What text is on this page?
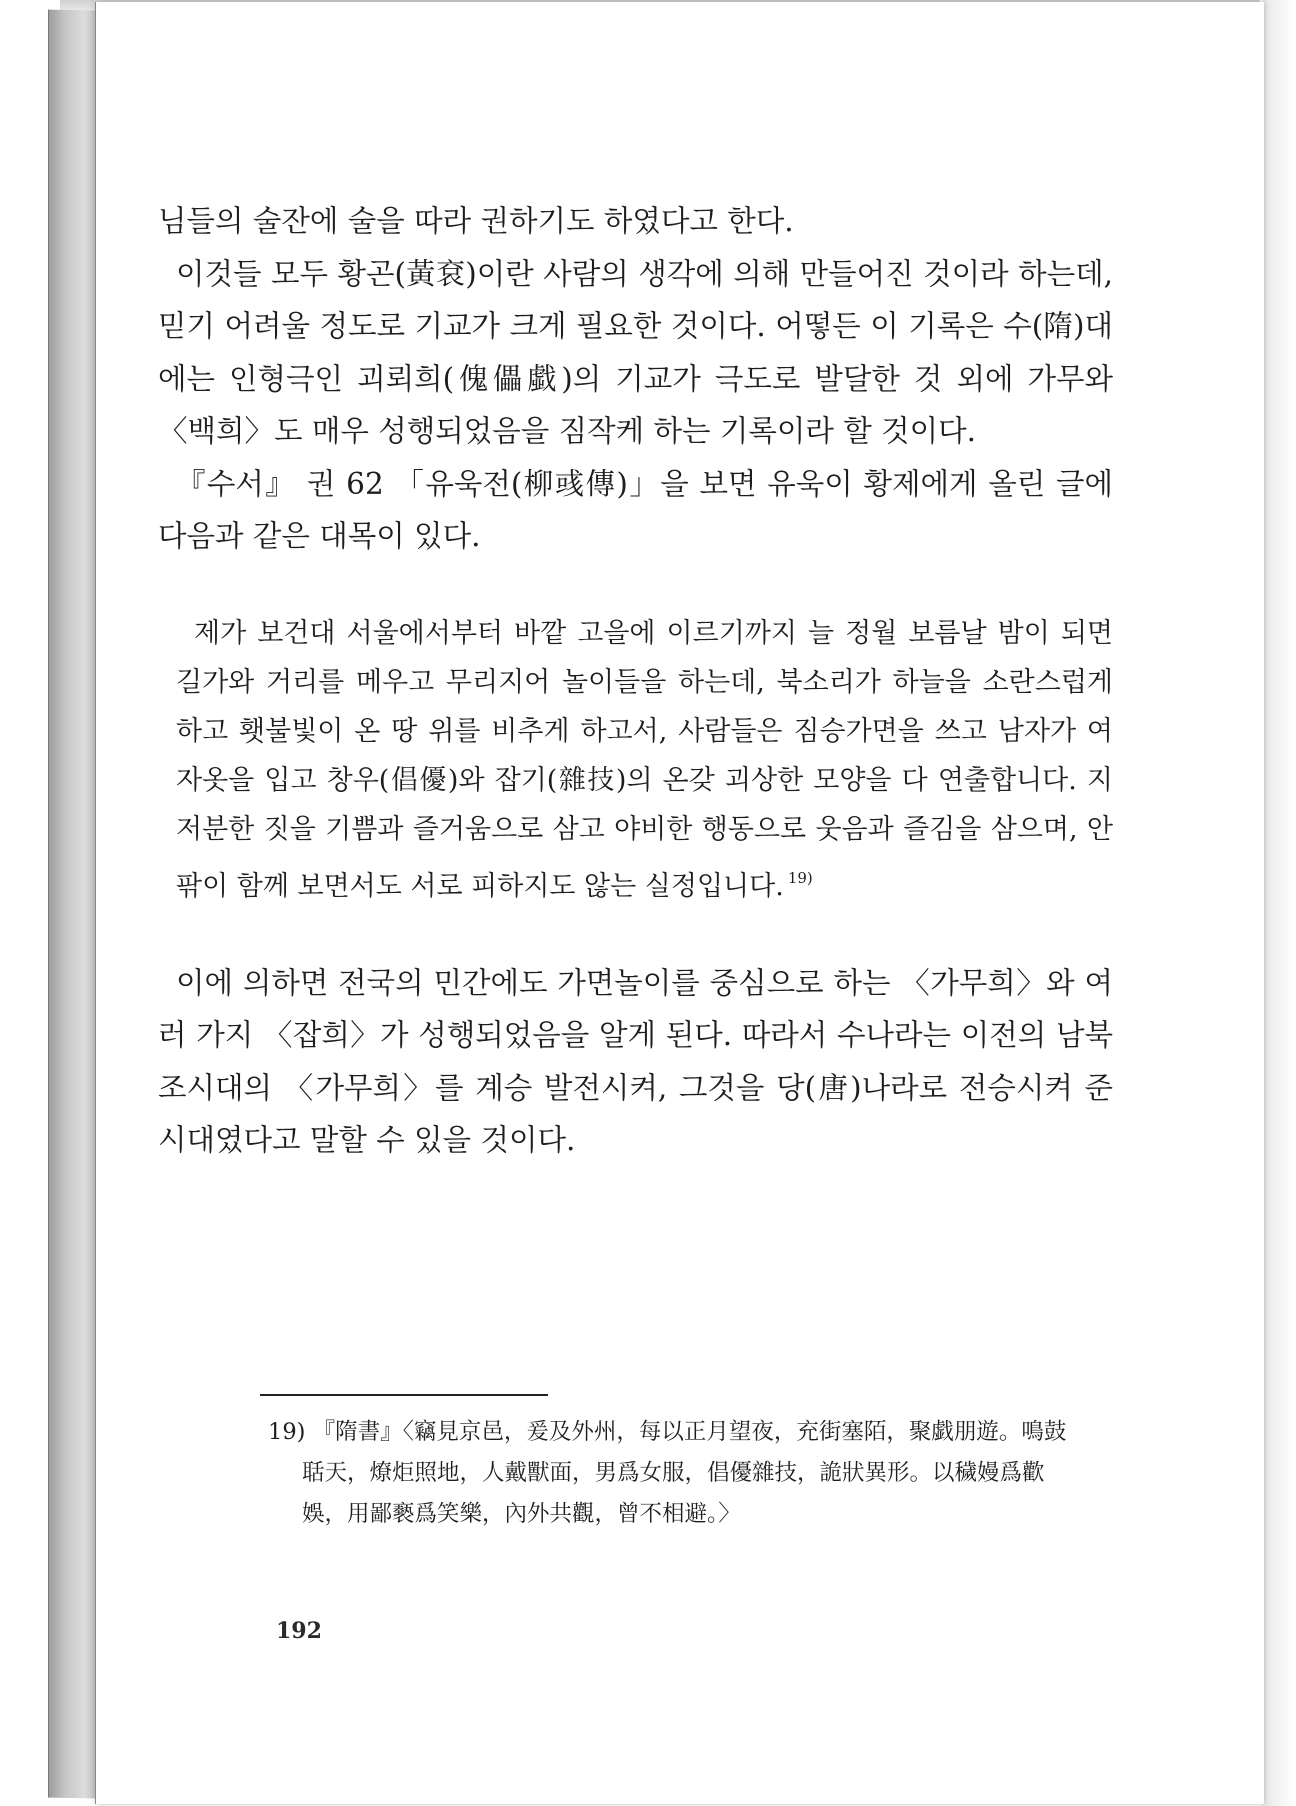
님들의 술잔에 술을 따라 권하기도 하였다고 한다.

이것들 모두 황곤(黃袞)이란 사람의 생각에 의해 만들어진 것이라 하는데, 믿기 어려울 정도로 기교가 크게 필요한 것이다. 어떻든 이 기록은 수(隋)대에는 인형극인 괴뢰희(傀儡戱)의 기교가 극도로 발달한 것 외에 가무와 〈백희〉도 매우 성행되었음을 짐작케 하는 기록이라 할 것이다.

『수서』 권 62 「유욱전(柳彧傳)」을 보면 유욱이 황제에게 올린 글에 다음과 같은 대목이 있다.

제가 보건대 서울에서부터 바깥 고을에 이르기까지 늘 정월 보름날 밤이 되면 길가와 거리를 메우고 무리지어 놀이들을 하는데, 북소리가 하늘을 소란스럽게 하고 횃불빛이 온 땅 위를 비추게 하고서, 사람들은 짐승가면을 쓰고 남자가 여자옷을 입고 창우(倡優)와 잡기(雜技)의 온갖 괴상한 모양을 다 연출합니다. 지저분한 짓을 기쁨과 즐거움으로 삼고 야비한 행동으로 웃음과 즐김을 삼으며, 안팎이 함께 보면서도 서로 피하지도 않는 실정입니다. $^{19)}$

이에 의하면 전국의 민간에도 가면놀이를 중심으로 하는 〈가무희〉와 여러 가지 〈잡희〉가 성행되었음을 알게 된다. 따라서 수나라는 이전의 남북조시대의 〈가무희〉를 계승 발전시켜, 그것을 당(唐)나라로 전승시켜 준 시대였다고 말할 수 있을 것이다.

19) 『隋書』〈竊見京邑，爰及外州，每以正月望夜，充街塞陌，聚戯朋遊。鳴鼓
聒天，燎炬照地，人戴獸面，男爲女服，倡優雜技，詭狀異形。以穢嫚爲歡
娛，用鄙褻爲笑樂，內外共觀，曾不相避。〉
192
